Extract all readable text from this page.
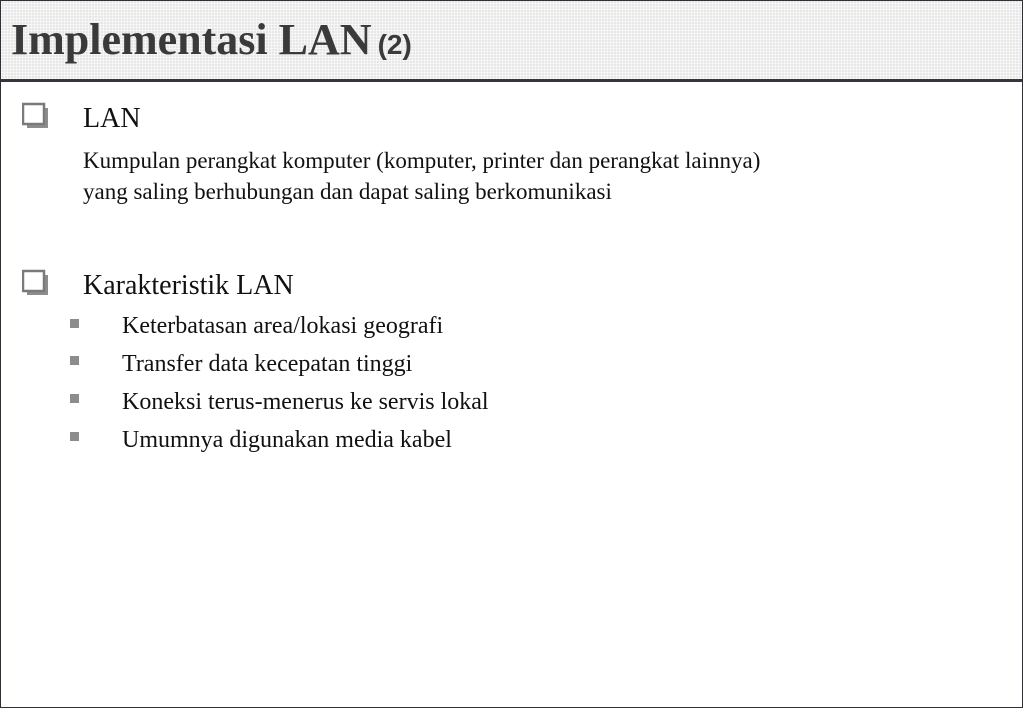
Implementasi LAN (2)
LAN
Kumpulan perangkat komputer (komputer, printer dan perangkat lainnya)
yang saling berhubungan dan dapat saling berkomunikasi
Karakteristik LAN
Keterbatasan area/lokasi geografi
Transfer data kecepatan tinggi
Koneksi terus-menerus ke servis lokal
Umumnya digunakan media kabel
